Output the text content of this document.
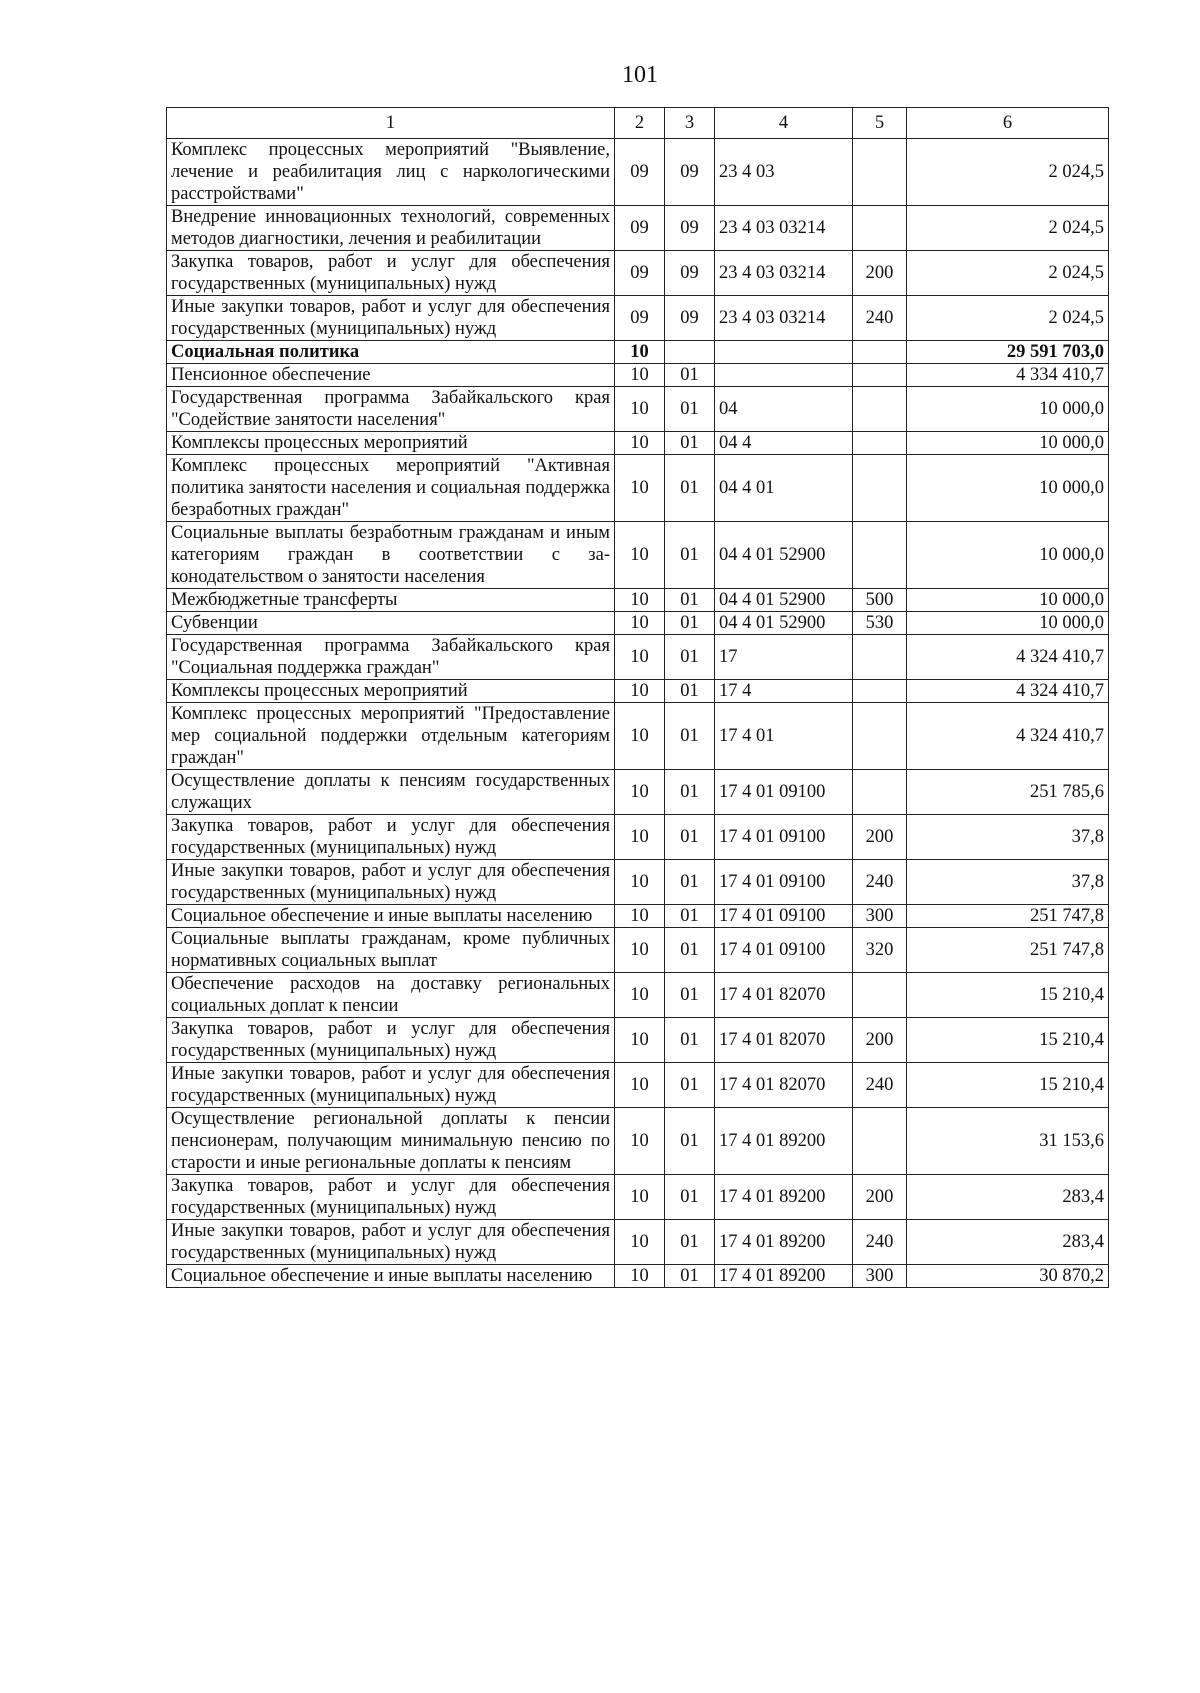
101
1	2	3	4	5	6
Комплекс процессных мероприятий "Выявление, лечение и реабилитация лиц с наркологическими расстройствами"	09	09	23 4 03		2 024,5
Внедрение инновационных технологий, современных методов диагностики, лечения и реабилитации	09	09	23 4 03 03214		2 024,5
Закупка товаров, работ и услуг для обеспечения государственных (муниципальных) нужд	09	09	23 4 03 03214	200	2 024,5
Иные закупки товаров, работ и услуг для обеспечения государственных (муниципальных) нужд	09	09	23 4 03 03214	240	2 024,5
Социальная политика	10				29 591 703,0
Пенсионное обеспечение	10	01			4 334 410,7
Государственная программа Забайкальского края "Содействие занятости населения"	10	01	04		10 000,0
Комплексы процессных мероприятий	10	01	04 4		10 000,0
Комплекс процессных мероприятий "Активная политика занятости населения и социальная поддержка безработных граждан"	10	01	04 4 01		10 000,0
Социальные выплаты безработным гражданам и иным категориям граждан в соответствии с законодательством о занятости населения	10	01	04 4 01 52900		10 000,0
Межбюджетные трансферты	10	01	04 4 01 52900	500	10 000,0
Субвенции	10	01	04 4 01 52900	530	10 000,0
Государственная программа Забайкальского края "Социальная поддержка граждан"	10	01	17		4 324 410,7
Комплексы процессных мероприятий	10	01	17 4		4 324 410,7
Комплекс процессных мероприятий "Предоставление мер социальной поддержки отдельным категориям граждан"	10	01	17 4 01		4 324 410,7
Осуществление доплаты к пенсиям государственных служащих	10	01	17 4 01 09100		251 785,6
Закупка товаров, работ и услуг для обеспечения государственных (муниципальных) нужд	10	01	17 4 01 09100	200	37,8
Иные закупки товаров, работ и услуг для обеспечения государственных (муниципальных) нужд	10	01	17 4 01 09100	240	37,8
Социальное обеспечение и иные выплаты населению	10	01	17 4 01 09100	300	251 747,8
Социальные выплаты гражданам, кроме публичных нормативных социальных выплат	10	01	17 4 01 09100	320	251 747,8
Обеспечение расходов на доставку региональных социальных доплат к пенсии	10	01	17 4 01 82070		15 210,4
Закупка товаров, работ и услуг для обеспечения государственных (муниципальных) нужд	10	01	17 4 01 82070	200	15 210,4
Иные закупки товаров, работ и услуг для обеспечения государственных (муниципальных) нужд	10	01	17 4 01 82070	240	15 210,4
Осуществление региональной доплаты к пенсии пенсионерам, получающим минимальную пенсию по старости и иные региональные доплаты к пенсиям	10	01	17 4 01 89200		31 153,6
Закупка товаров, работ и услуг для обеспечения государственных (муниципальных) нужд	10	01	17 4 01 89200	200	283,4
Иные закупки товаров, работ и услуг для обеспечения государственных (муниципальных) нужд	10	01	17 4 01 89200	240	283,4
Социальное обеспечение и иные выплаты населению	10	01	17 4 01 89200	300	30 870,2
